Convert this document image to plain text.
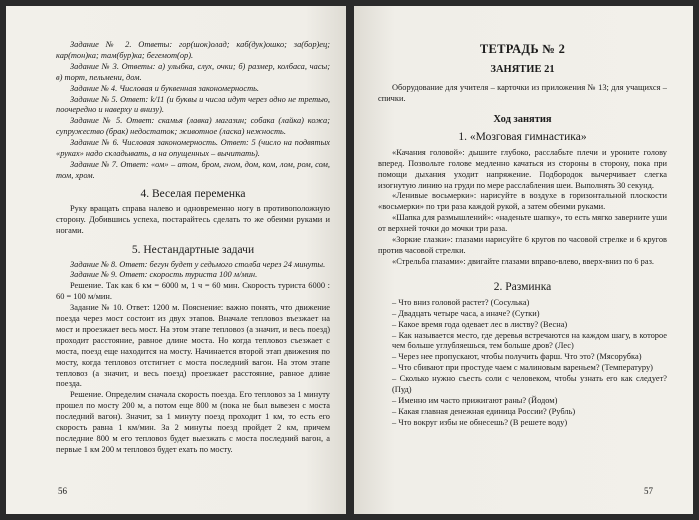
Задание № 2. Ответы: гор(шок)олад; каб(дук)ошко; за(бор)ец; кар(тон)ка; там(бур)ка; бегемот(ор).

Задание № 3. Ответы: а) улыбка, слух, очки; б) размер, колбаса, часы; в) торт, пельмени, дом.

Задание № 4. Числовая и буквенная закономерность.

Задание № 5. Ответ: k/11 (и буквы и числа идут через одно не третью, поочередно и наверху и внизу).

Задание № 5. Ответ: скамья (лавка) магазин; собака (лайка) кожа; супружество (брак) недостаток; животное (ласка) нежность.

Задание № 6. Числовая закономерность. Ответ: 5 (число на подвятых «руках» надо складывать, а на опущенных – вычитать).

Задание № 7. Ответ: «ом» – атом, бром, гном, дом, ком, лом, ром, сом, том, хром.

4. Веселая переменка

Руку вращать справа налево и одновременно ногу в противоположную сторону. Добившись успеха, постарайтесь сделать то же обеими руками и ногами.

5. Нестандартные задачи

Задание № 8. Ответ: бегун будет у седьмого столба через 24 минуты.

Задание № 9. Ответ: скорость туриста 100 м/мин.

Решение. Так как 6 км = 6000 м, 1 ч = 60 мин. Скорость туриста 6000 : 60 = 100 м/мин.

Задание № 10. Ответ: 1200 м. Пояснение: важно понять, что движение поезда через мост состоит из двух этапов. Вначале тепловоз въезжает на мост и проезжает весь мост. На этом этапе тепловоз (а значит, и весь поезд) проходит расстояние, равное длине моста. Но когда тепловоз съезжает с моста, поезд еще находится на мосту. Начинается второй этап движения по мосту, когда тепловоз отстигнет с моста последний вагон. На этом этапе тепловоз (а значит, и весь поезд) проезжает расстояние, равное длине поезда.

Решение. Определим сначала скорость поезда. Его тепловоз за 1 минуту прошел по мосту 200 м, а потом еще 800 м (пока не был вывезен с моста последний вагон). Значит, за 1 минуту поезд проходит 1 км, то есть его скорость равна 1 км/мин. За 2 минуты поезд пройдет 2 км, причем последние 800 м его тепловоз будет выезжать с моста последний вагон, а первые 1 км 200 м тепловоз будет ехать по мосту.

56
ТЕТРАДЬ № 2
ЗАНЯТИЕ 21

Оборудование для учителя – карточки из приложения № 13; для учащихся – спички.

Ход занятия
1. «Мозговая гимнастика»

«Качания головой»: дышите глубоко, расслабьте плечи и уроните голову вперед. Позвольте голове медленно качаться из стороны в сторону, пока при помощи дыхания уходит напряжение. Подбородок вычерчивает слегка изогнутую линию на груди по мере расслабления шеи. Выполнять 30 секунд.

«Ленивые восьмерки»: нарисуйте в воздухе в горизонтальной плоскости «восьмерки» по три раза каждой рукой, а затем обеими руками.

«Шапка для размышлений»: «наденьте шапку», то есть мягко заверните уши от верхней точки до мочки три раза.

«Зоркие глазки»: глазами нарисуйте 6 кругов по часовой стрелке и 6 кругов против часовой стрелки.

«Стрельба глазами»: двигайте глазами вправо-влево, вверх-вниз по 6 раз.

2. Разминка

– Что вниз головой растет? (Сосулька)

– Двадцать четыре часа, а иначе? (Сутки)

– Какое время года одевает лес в листву? (Весна)

– Как называется место, где деревья встречаются на каждом шагу, в которое чем больше углубляешься, тем больше дров? (Лес)

– Через нее пропускают, чтобы получить фарш. Что это? (Мясорубка)

– Что сбивают при простуде чаем с малиновым вареньем? (Температуру)

– Сколько нужно съесть соли с человеком, чтобы узнать его как следует? (Пуд)

– Именно им часто прижигают раны? (Йодом)

– Какая главная денежная единица России? (Рубль)

– Что вокруг избы не обнесешь? (В решете воду)

57
